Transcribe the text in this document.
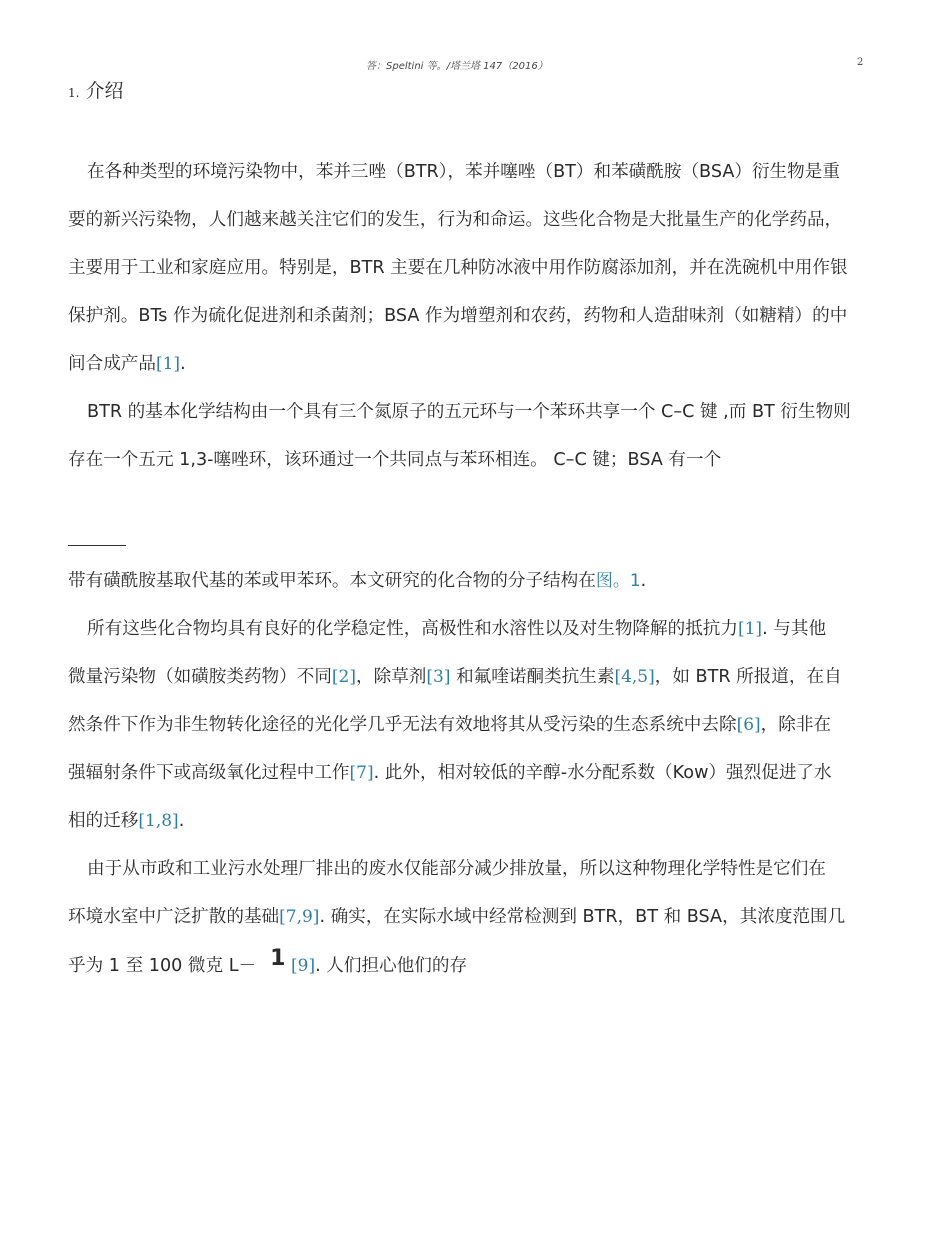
答：Speltini 等。/塔兰塔 147（2016）	2
1. 介绍

在各种类型的环境污染物中，苯并三唑（BTR），苯并噻唑（BT）和苯磺酰胺（BSA）衍生物是重

要的新兴污染物，人们越来越关注它们的发生，行为和命运。这些化合物是大批量生产的化学药品，

主要用于工业和家庭应用。特别是，BTR 主要在几种防冰液中用作防腐添加剂，并在洗碗机中用作银

保护剂。BTs 作为硫化促进剂和杀菌剂；BSA 作为增塑剂和农药，药物和人造甜味剂（如糖精）的中

间合成产品[1].

BTR 的基本化学结构由一个具有三个氮原子的五元环与一个苯环共享一个 C–C 键 ,而 BT 衍生物则

存在一个五元 1,3-噻唑环，该环通过一个共同点与苯环相连。 C–C 键；BSA 有一个

带有磺酰胺基取代基的苯或甲苯环。本文研究的化合物的分子结构在图。1.

所有这些化合物均具有良好的化学稳定性，高极性和水溶性以及对生物降解的抵抗力[1]. 与其他

微量污染物（如磺胺类药物）不同[2]，除草剂[3] 和氟喹诺酮类抗生素[4,5]，如 BTR 所报道，在自

然条件下作为非生物转化途径的光化学几乎无法有效地将其从受污染的生态系统中去除[6]，除非在

强辐射条件下或高级氧化过程中工作[7]. 此外，相对较低的辛醇-水分配系数（Kow）强烈促进了水

相的迁移[1,8].

由于从市政和工业污水处理厂排出的废水仅能部分减少排放量，所以这种物理化学特性是它们在

环境水室中广泛扩散的基础[7,9]. 确实，在实际水域中经常检测到 BTR，BT 和 BSA，其浓度范围几

乎为 1 至 100 微克 L－ 1 [9]. 人们担心他们的存
